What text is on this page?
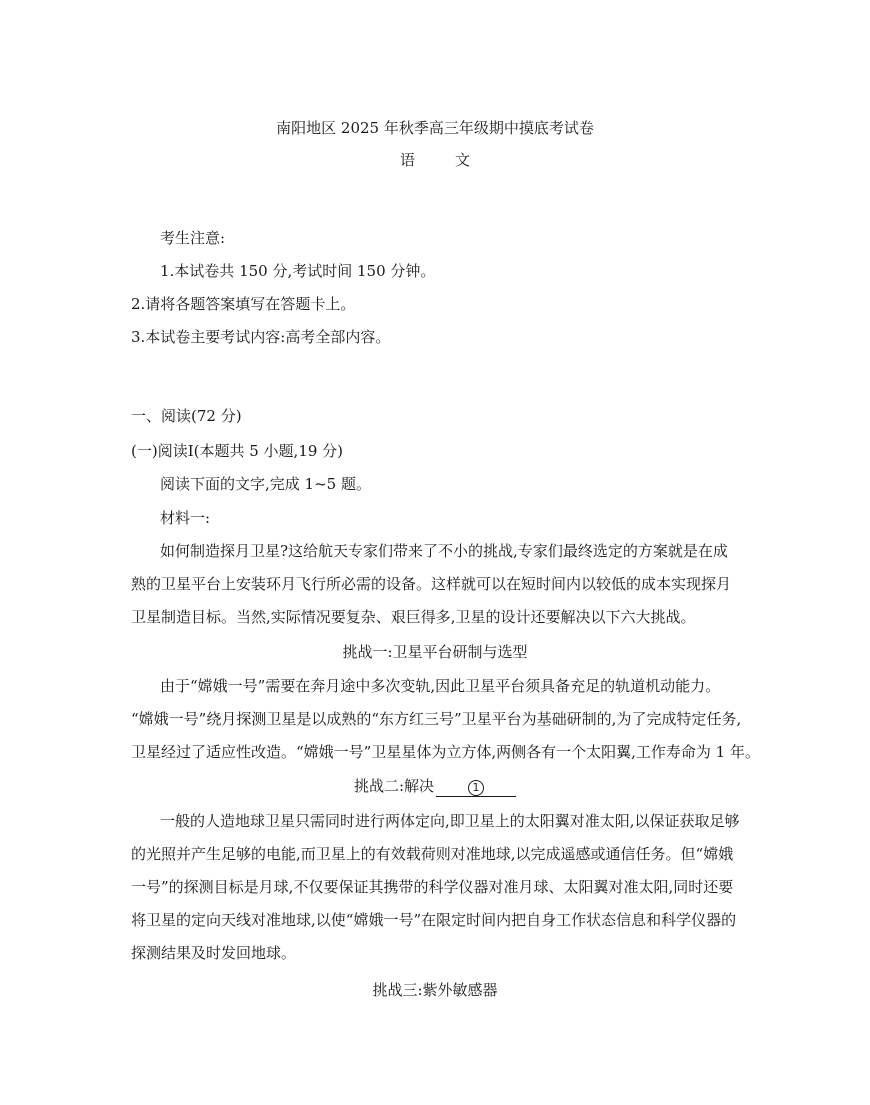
南阳地区 2025 年秋季高三年级期中摸底考试卷
语	文
考生注意:
1.本试卷共 150 分,考试时间 150 分钟。
2.请将各题答案填写在答题卡上。
3.本试卷主要考试内容:高考全部内容。
一、阅读(72 分)
(一)阅读I(本题共 5 小题,19 分)
阅读下面的文字,完成 1~5 题。
材料一:
如何制造探月卫星?这给航天专家们带来了不小的挑战,专家们最终选定的方案就是在成
熟的卫星平台上安装环月飞行所必需的设备。这样就可以在短时间内以较低的成本实现探月
卫星制造目标。当然,实际情况要复杂、艰巨得多,卫星的设计还要解决以下六大挑战。
挑战一:卫星平台研制与选型
由于“嫦娥一号”需要在奔月途中多次变轨,因此卫星平台须具备充足的轨道机动能力。
“嫦娥一号”绕月探测卫星是以成熟的“东方红三号”卫星平台为基础研制的,为了完成特定任务,
卫星经过了适应性改造。“嫦娥一号”卫星星体为立方体,两侧各有一个太阳翼,工作寿命为 1 年。
挑战二:解决	1
一般的人造地球卫星只需同时进行两体定向,即卫星上的太阳翼对准太阳,以保证获取足够
的光照并产生足够的电能,而卫星上的有效载荷则对准地球,以完成遥感或通信任务。但“嫦娥
一号”的探测目标是月球,不仅要保证其携带的科学仪器对准月球、太阳翼对准太阳,同时还要
将卫星的定向天线对准地球,以使“嫦娥一号”在限定时间内把自身工作状态信息和科学仪器的
探测结果及时发回地球。
挑战三:紫外敏感器
